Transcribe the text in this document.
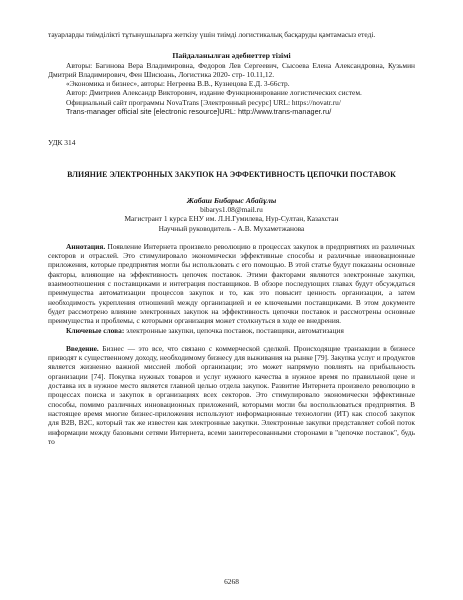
тауарларды тиімділікті тұтынушыларға жеткізу үшін тиімді логистикалық басқаруды қамтамасыз етеді.

Пайдаланылған әдебиеттер тізімі

Авторы: Багинова Вера Владимировна, Федоров Лев Сергеевич, Сысоева Елена Александровна, Кузьмин Дмитрий Владимирович, Фен Шисюань, Логистика 2020- стр- 10.11,12.

«Экономика и бизнес», авторы: Негреева В.В., Кузнецова Е.Д. 3-66стр.

Автор: Дмитриев Александр Викторович, издание Функционирование логистических систем.

Официальный сайт программы NovaTrans [Электронный ресурс] URL: https://novatr.ru/

Trans-manager official site [electronic resource]URL: http://www.trans-manager.ru/

УДК 314

ВЛИЯНИЕ ЭЛЕКТРОННЫХ ЗАКУПОК НА ЭФФЕКТИВНОСТЬ ЦЕПОЧКИ ПОСТАВОК

Жабаш Бибарыс Абайұлы

bibarys1.08@mail.ru

Магистрант 1 курса ЕНУ им. Л.Н.Гумилева, Нур-Султан, Казахстан

Научный руководитель - А.В. Мухаметжанова

Аннотация. Появление Интернета произвело революцию в процессах закупок в предприятиях из различных секторов и отраслей. Это стимулировало экономически эффективные способы и различные инновационные приложения, которые предприятия могли бы использовать с его помощью. В этой статье будут показаны основные факторы, влияющие на эффективность цепочек поставок. Этими факторами являются электронные закупки, взаимоотношения с поставщиками и интеграция поставщиков. В обзоре последующих главах будут обсуждаться преимущества автоматизации процессов закупок и то, как это повысит ценность организации, а затем необходимость укрепления отношений между организацией и ее ключевыми поставщиками. В этом документе будет рассмотрено влияние электронных закупок на эффективность цепочки поставок и рассмотрены основные преимущества и проблемы, с которыми организация может столкнуться в ходе ее внедрения.

Ключевые слова: электронные закупки, цепочка поставок, поставщики, автоматизация

Введение. Бизнес — это все, что связано с коммерческой сделкой. Происходящие транзакции в бизнесе приводят к существенному доходу, необходимому бизнесу для выживания на рынке [79]. Закупка услуг и продуктов является жизненно важной миссией любой организации; это может напрямую повлиять на прибыльность организации [74]. Покупка нужных товаров и услуг нужного качества в нужное время по правильной цене и доставка их в нужное место является главной целью отдела закупок. Развитие Интернета произвело революцию в процессах поиска и закупок в организациях всех секторов. Это стимулировало экономически эффективные способы, помимо различных инновационных приложений, которыми могли бы воспользоваться предприятия. В настоящее время многие бизнес-приложения используют информационные технологии (ИТ) как способ закупок для B2B, B2C, который так же известен как электронные закупки. Электронные закупки представляет собой поток информации между базовыми сетями Интернета, всеми заинтересованными сторонами в "цепочке поставок", будь то

6268
